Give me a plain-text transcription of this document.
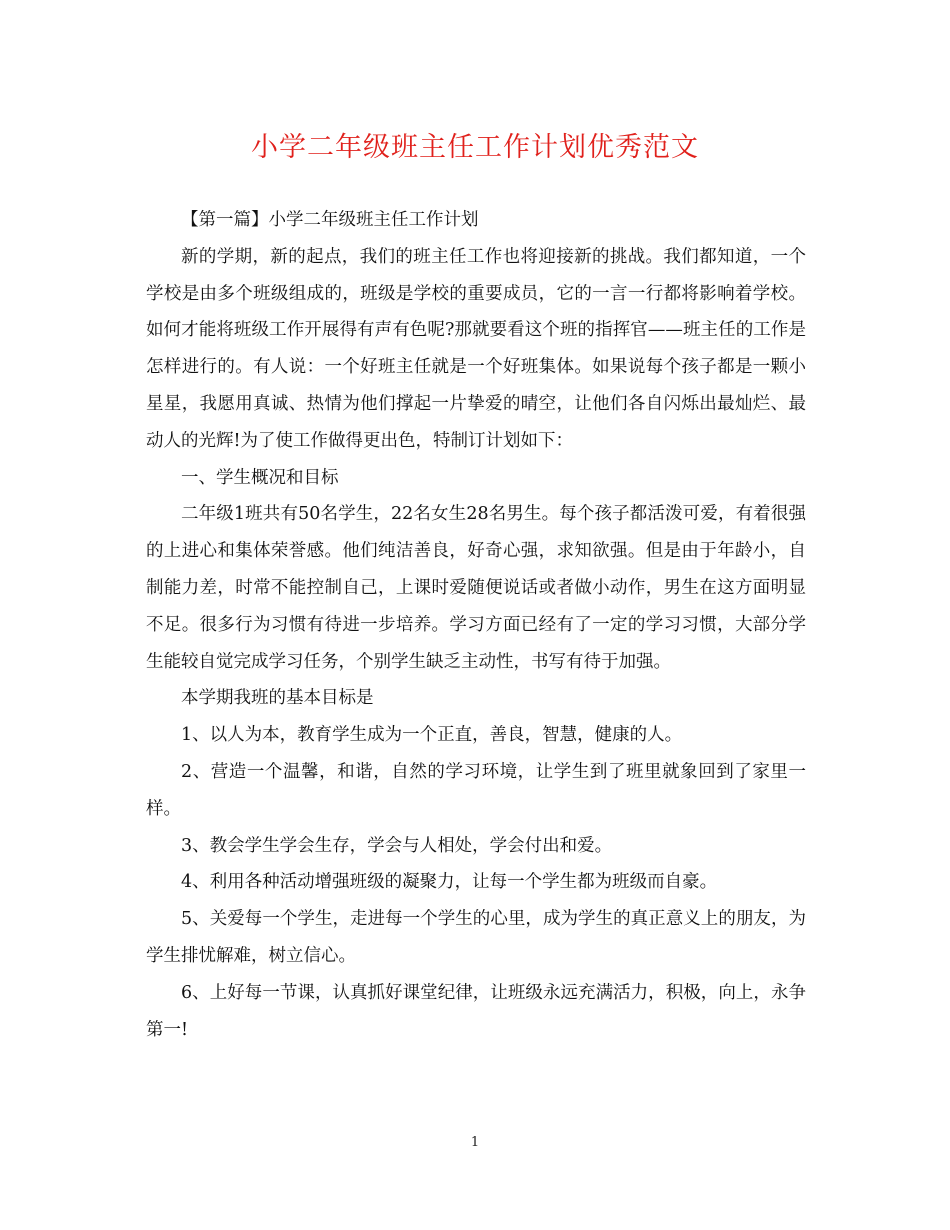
小学二年级班主任工作计划优秀范文

【第一篇】小学二年级班主任工作计划

新的学期，新的起点，我们的班主任工作也将迎接新的挑战。我们都知道，一个学校是由多个班级组成的，班级是学校的重要成员，它的一言一行都将影响着学校。如何才能将班级工作开展得有声有色呢?那就要看这个班的指挥官——班主任的工作是怎样进行的。有人说：一个好班主任就是一个好班集体。如果说每个孩子都是一颗小星星，我愿用真诚、热情为他们撑起一片挚爱的晴空，让他们各自闪烁出最灿烂、最动人的光辉!为了使工作做得更出色，特制订计划如下：

一、学生概况和目标

二年级1班共有50名学生，22名女生28名男生。每个孩子都活泼可爱，有着很强的上进心和集体荣誉感。他们纯洁善良，好奇心强，求知欲强。但是由于年龄小，自制能力差，时常不能控制自己，上课时爱随便说话或者做小动作，男生在这方面明显不足。很多行为习惯有待进一步培养。学习方面已经有了一定的学习习惯，大部分学生能较自觉完成学习任务，个别学生缺乏主动性，书写有待于加强。

本学期我班的基本目标是

1、以人为本，教育学生成为一个正直，善良，智慧，健康的人。

2、营造一个温馨，和谐，自然的学习环境，让学生到了班里就象回到了家里一样。

3、教会学生学会生存，学会与人相处，学会付出和爱。

4、利用各种活动增强班级的凝聚力，让每一个学生都为班级而自豪。

5、关爱每一个学生，走进每一个学生的心里，成为学生的真正意义上的朋友，为学生排忧解难，树立信心。

6、上好每一节课，认真抓好课堂纪律，让班级永远充满活力，积极，向上，永争第一!

1
